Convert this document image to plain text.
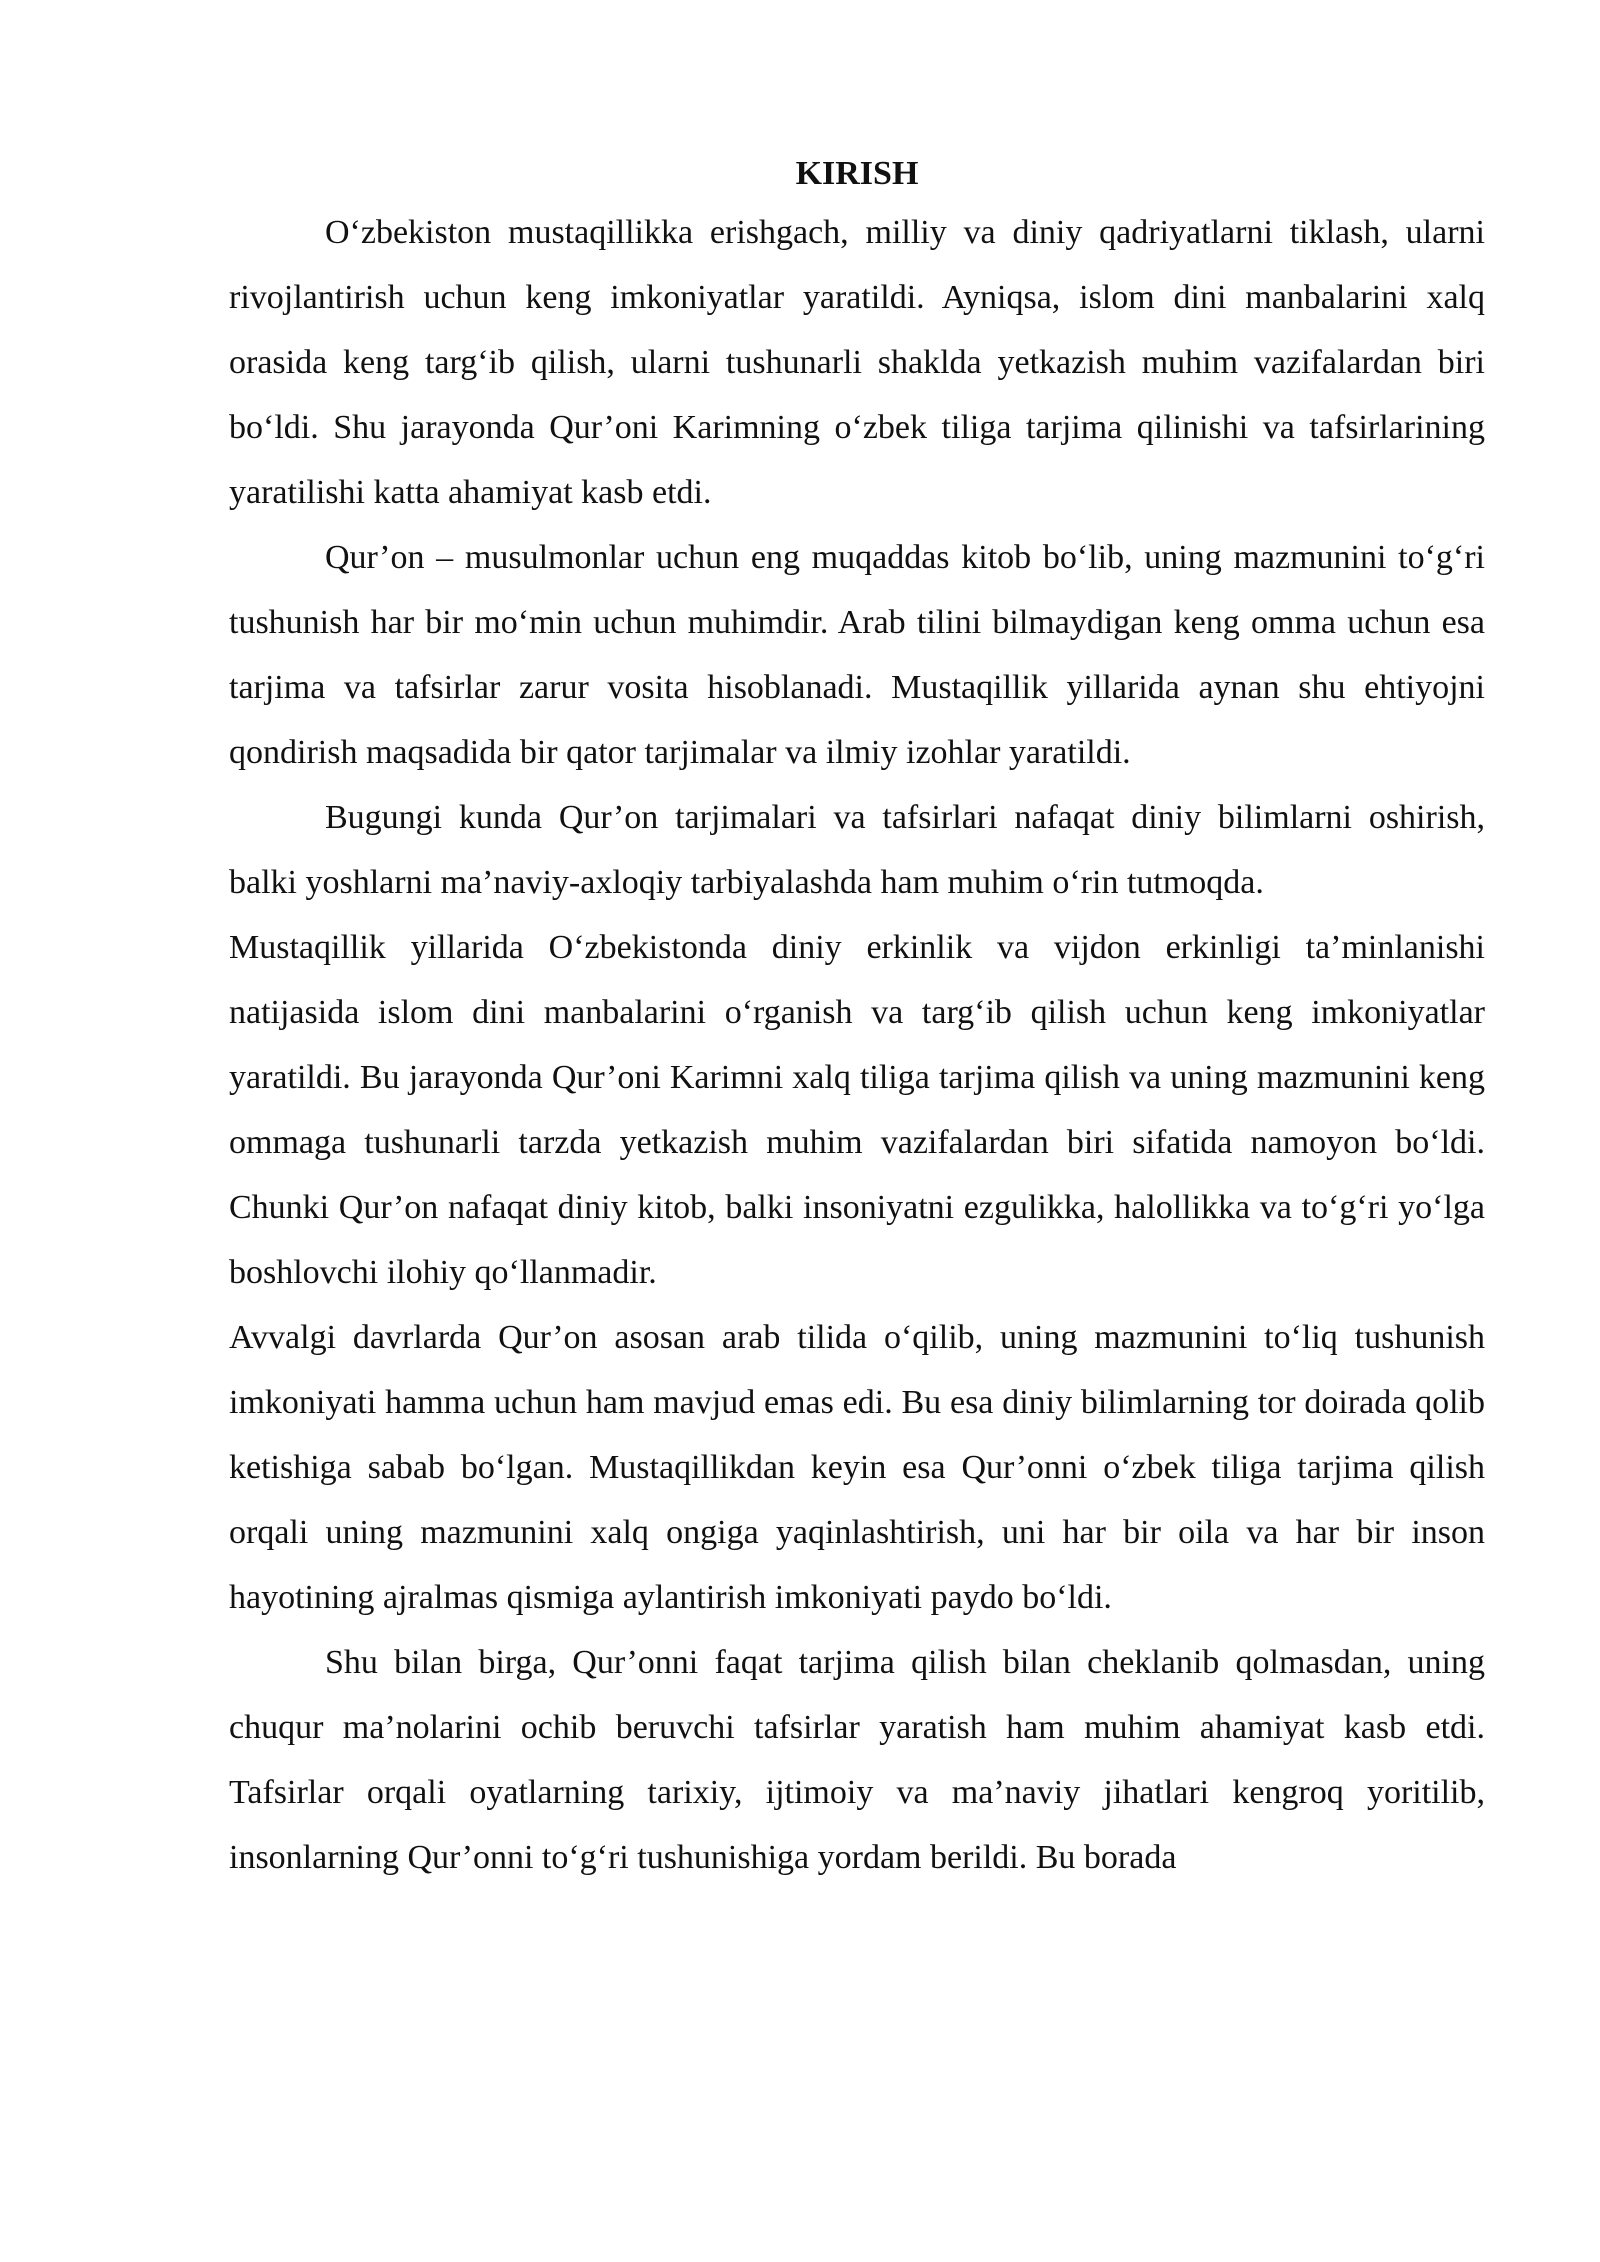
KIRISH

O‘zbekiston mustaqillikka erishgach, milliy va diniy qadriyatlarni tiklash, ularni rivojlantirish uchun keng imkoniyatlar yaratildi. Ayniqsa, islom dini manbalarini xalq orasida keng targ‘ib qilish, ularni tushunarli shaklda yetkazish muhim vazifalardan biri bo‘ldi. Shu jarayonda Qur’oni Karimning o‘zbek tiliga tarjima qilinishi va tafsirlarining yaratilishi katta ahamiyat kasb etdi.

Qur’on – musulmonlar uchun eng muqaddas kitob bo‘lib, uning mazmunini to‘g‘ri tushunish har bir mo‘min uchun muhimdir. Arab tilini bilmaydigan keng omma uchun esa tarjima va tafsirlar zarur vosita hisoblanadi. Mustaqillik yillarida aynan shu ehtiyojni qondirish maqsadida bir qator tarjimalar va ilmiy izohlar yaratildi.

Bugungi kunda Qur’on tarjimalari va tafsirlari nafaqat diniy bilimlarni oshirish, balki yoshlarni ma’naviy-axloqiy tarbiyalashda ham muhim o‘rin tutmoqda.

Mustaqillik yillarida O‘zbekistonda diniy erkinlik va vijdon erkinligi ta’minlanishi natijasida islom dini manbalarini o‘rganish va targ‘ib qilish uchun keng imkoniyatlar yaratildi. Bu jarayonda Qur’oni Karimni xalq tiliga tarjima qilish va uning mazmunini keng ommaga tushunarli tarzda yetkazish muhim vazifalardan biri sifatida namoyon bo‘ldi. Chunki Qur’on nafaqat diniy kitob, balki insoniyatni ezgulikka, halollikka va to‘g‘ri yo‘lga boshlovchi ilohiy qo‘llanmadir.

Avvalgi davrlarda Qur’on asosan arab tilida o‘qilib, uning mazmunini to‘liq tushunish imkoniyati hamma uchun ham mavjud emas edi. Bu esa diniy bilimlarning tor doirada qolib ketishiga sabab bo‘lgan. Mustaqillikdan keyin esa Qur’onni o‘zbek tiliga tarjima qilish orqali uning mazmunini xalq ongiga yaqinlashtirish, uni har bir oila va har bir inson hayotining ajralmas qismiga aylantirish imkoniyati paydo bo‘ldi.

Shu bilan birga, Qur’onni faqat tarjima qilish bilan cheklanib qolmasdan, uning chuqur ma’nolarini ochib beruvchi tafsirlar yaratish ham muhim ahamiyat kasb etdi. Tafsirlar orqali oyatlarning tarixiy, ijtimoiy va ma’naviy jihatlari kengroq yoritilib, insonlarning Qur’onni to‘g‘ri tushunishiga yordam berildi. Bu borada
